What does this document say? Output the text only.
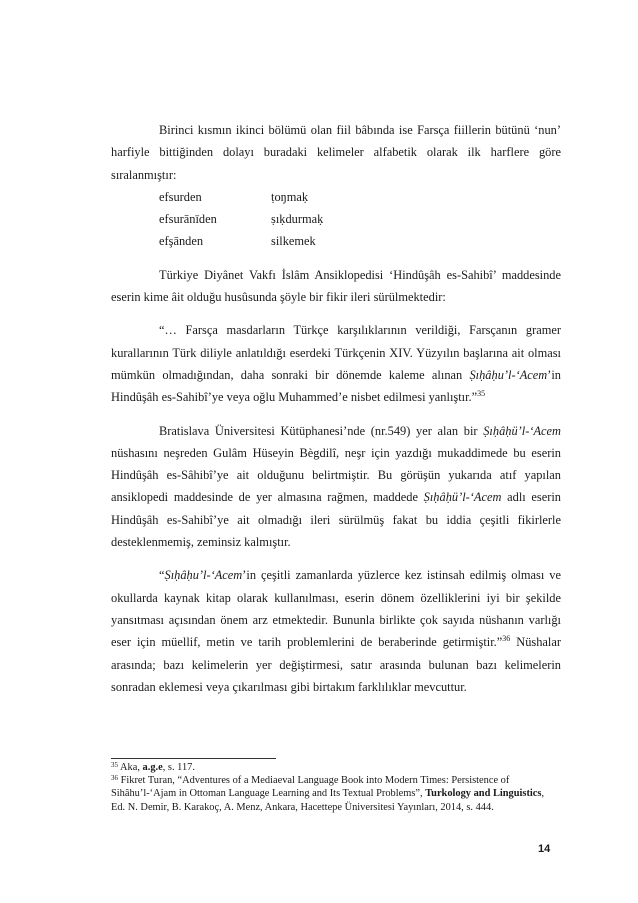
Birinci kısmın ikinci bölümü olan fiil bâbında ise Farsça fiillerin bütünü ‘nun’ harfiyle bittiğinden dolayı buradaki kelimeler alfabetik olarak ilk harflere göre sıralanmıştır:

efsurden	ṭoŋmaḳ
efsurānīden	ṣıḳdurmaḳ
efşānden	silkemek

Türkiye Diyânet Vakfı İslâm Ansiklopedisi ‘Hindûşâh es-Sahibî’ maddesinde eserin kime âit olduğu husûsunda şöyle bir fikir ileri sürülmektedir:

“… Farsça masdarların Türkçe karşılıklarının verildiği, Farsçanın gramer kurallarının Türk diliyle anlatıldığı eserdeki Türkçenin XIV. Yüzyılın başlarına ait olması mümkün olmadığından, daha sonraki bir dönemde kaleme alınan Ṣıḥâḥu’l-‘Acem’in Hindûşâh es-Sahibî’ye veya oğlu Muhammed’e nisbet edilmesi yanlıştır.”$^{35}$

Bratislava Üniversitesi Kütüphanesi’nde (nr.549) yer alan bir Ṣıḥâḥü’l-‘Acem nüshasını neşreden Gulâm Hüseyin Bègdilî, neşr için yazdığı mukaddimede bu eserin Hindûşâh es-Sâhibî’ye ait olduğunu belirtmiştir. Bu görüşün yukarıda atıf yapılan ansiklopedi maddesinde de yer almasına rağmen, maddede Ṣıḥâḥü’l-‘Acem adlı eserin Hindûşâh es-Sahibî’ye ait olmadığı ileri sürülmüş fakat bu iddia çeşitli fikirlerle desteklenmemiş, zeminsiz kalmıştır.

“Ṣıḥâḥu’l-‘Acem’in çeşitli zamanlarda yüzlerce kez istinsah edilmiş olması ve okullarda kaynak kitap olarak kullanılması, eserin dönem özelliklerini iyi bir şekilde yansıtması açısından önem arz etmektedir. Bununla birlikte çok sayıda nüshanın varlığı eser için müellif, metin ve tarih problemlerini de beraberinde getirmiştir.”$^{36}$ Nüshalar arasında; bazı kelimelerin yer değiştirmesi, satır arasında bulunan bazı kelimelerin sonradan eklemesi veya çıkarılması gibi birtakım farklılıklar mevcuttur.

$^{35}$ Aka, a.g.e, s. 117.

$^{36}$ Fikret Turan, “Adventures of a Mediaeval Language Book into Modern Times: Persistence of Sihâhu’l-‘Ajam in Ottoman Language Learning and Its Textual Problems”, Turkology and Linguistics, Ed. N. Demir, B. Karakoç, A. Menz, Ankara, Hacettepe Üniversitesi Yayınları, 2014, s. 444.

14
